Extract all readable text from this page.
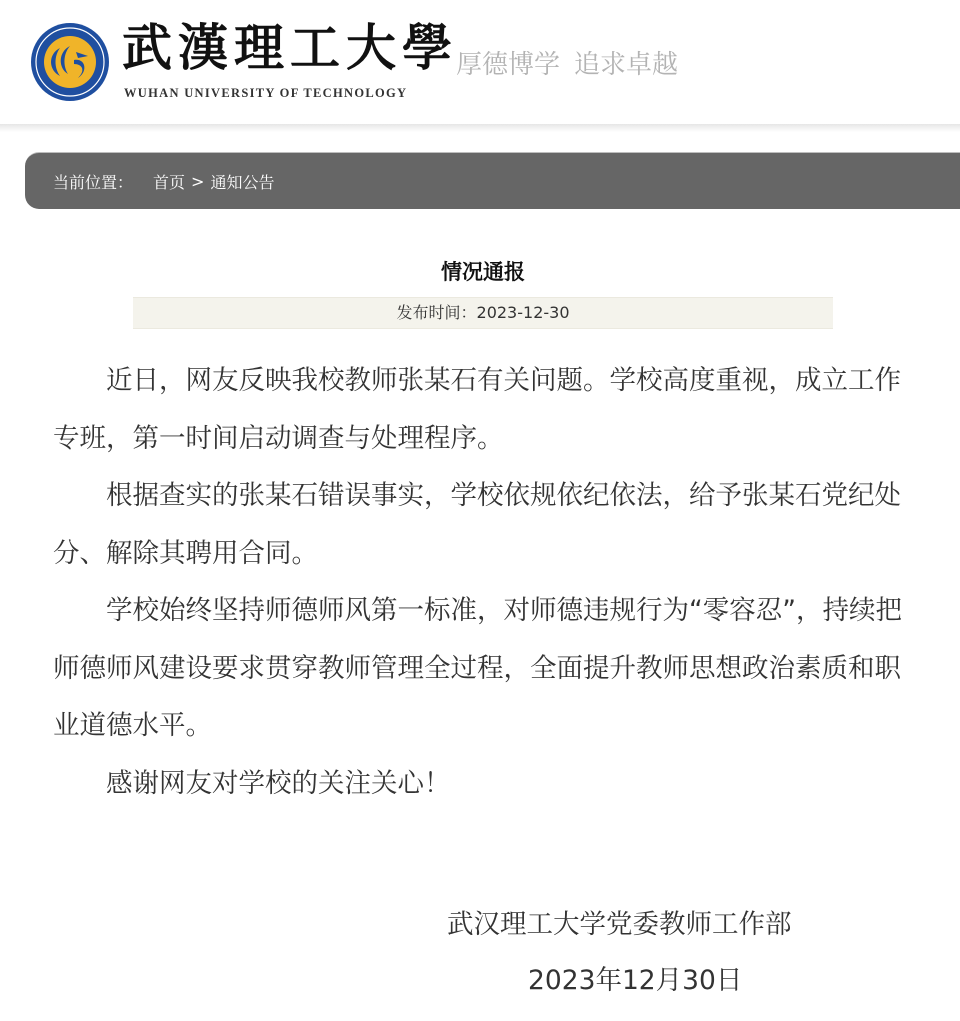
武漢理工大學
WUHAN UNIVERSITY OF TECHNOLOGY
厚德博学 追求卓越
当前位置： 首页 > 通知公告
情况通报
发布时间：2023-12-30

近日，网友反映我校教师张某石有关问题。学校高度重视，成立工作专班，第一时间启动调查与处理程序。

根据查实的张某石错误事实，学校依规依纪依法，给予张某石党纪处分、解除其聘用合同。

学校始终坚持师德师风第一标准，对师德违规行为“零容忍”，持续把师德师风建设要求贯穿教师管理全过程，全面提升教师思想政治素质和职业道德水平。

感谢网友对学校的关注关心！

武汉理工大学党委教师工作部
2023年12月30日
